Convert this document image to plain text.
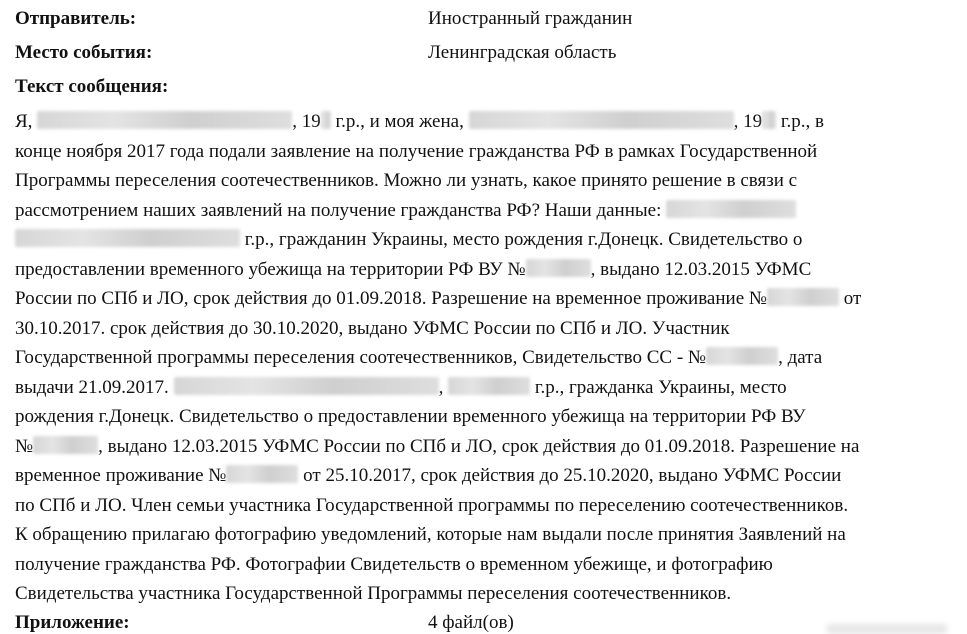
Отправитель:	Иностранный гражданин
Место события:	Ленинградская область
Текст сообщения:
Я,	, 19 г.р., и моя жена,	, 19 г.р., в
конце ноября 2017 года подали заявление на получение гражданства РФ в рамках Государственной
Программы переселения соотечественников. Можно ли узнать, какое принято решение в связи с
рассмотрением наших заявлений на получение гражданства РФ? Наши данные:
г.р., гражданин Украины, место рождения г.Донецк. Свидетельство о
предоставлении временного убежища на территории РФ ВУ №	, выдано 12.03.2015 УФМС
России по СПб и ЛО, срок действия до 01.09.2018. Разрешение на временное проживание №	от
30.10.2017. срок действия до 30.10.2020, выдано УФМС России по СПб и ЛО. Участник
Государственной программы переселения соотечественников, Свидетельство СС - №	, дата
выдачи 21.09.2017.	,	г.р., гражданка Украины, место
рождения г.Донецк. Свидетельство о предоставлении временного убежища на территории РФ ВУ
№	, выдано 12.03.2015 УФМС России по СПб и ЛО, срок действия до 01.09.2018. Разрешение на
временное проживание №	от 25.10.2017, срок действия до 25.10.2020, выдано УФМС России
по СПб и ЛО. Член семьи участника Государственной программы по переселению соотечественников.
К обращению прилагаю фотографию уведомлений, которые нам выдали после принятия Заявлений на
получение гражданства РФ. Фотографии Свидетельств о временном убежище, и фотографию
Свидетельства участника Государственной Программы переселения соотечественников.
Приложение:	4 файл(ов)
